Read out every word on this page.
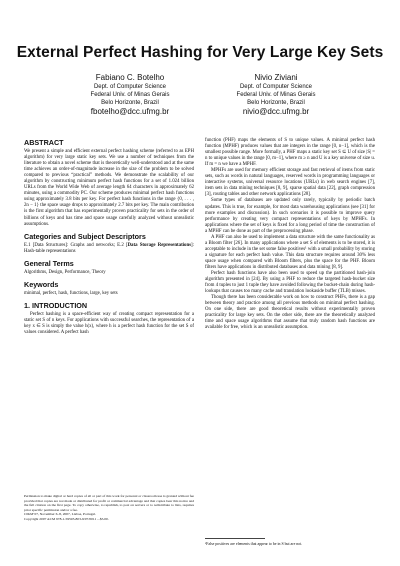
External Perfect Hashing for Very Large Key Sets
Fabiano C. Botelho
Dept. of Computer Science
Federal Univ. of Minas Gerais
Belo Horizonte, Brazil
fbotelho@dcc.ufmg.br
Nivio Ziviani
Dept. of Computer Science
Federal Univ. of Minas Gerais
Belo Horizonte, Brazil
nivio@dcc.ufmg.br
ABSTRACT

We present a simple and efficient external perfect hashing scheme (referred to as EPH algorithm) for very large static key sets. We use a number of techniques from the literature to obtain a novel scheme that is theoretically well-understood and at the same time achieves an order-of-magnitude increase in the size of the problem to be solved compared to previous “practical” methods. We demonstrate the scalability of our algorithm by constructing minimum perfect hash functions for a set of 1.024 billion URLs from the World Wide Web of average length 64 characters in approximately 62 minutes, using a commodity PC. Our scheme produces minimal perfect hash functions using approximately 3.8 bits per key. For perfect hash functions in the range {0, . . . , 2n − 1} the space usage drops to approximately 2.7 bits per key. The main contribution is the first algorithm that has experimentally proven practicality for sets in the order of billions of keys and has time and space usage carefully analyzed without unrealistic assumptions.

Categories and Subject Descriptors

E.1 [Data Structures]: Graphs and networks; E.2 [Data Storage Representations]: Hash-table representations

General Terms

Algorithms, Design, Performance, Theory

Keywords

minimal, perfect, hash, functions, large, key sets

1. INTRODUCTION

Perfect hashing is a space-efficient way of creating compact representation for a static set S of n keys. For applications with successful searches, the representation of a key x ∈ S is simply the value h(x), where h is a perfect hash function for the set S of values considered. A perfect hash

Permission to make digital or hard copies of all or part of this work for personal or classroom use is granted without fee provided that copies are not made or distributed for profit or commercial advantage and that copies bear this notice and the full citation on the first page. To copy otherwise, to republish, to post on servers or to redistribute to lists, requires prior specific permission and/or a fee.
CIKM’07, November 6–8, 2007, Lisboa, Portugal.
Copyright 2007 ACM 978-1-59593-803-9/07/0011 ...$5.00.

function (PHF) maps the elements of S to unique values. A minimal perfect hash function (MPHF) produces values that are integers in the range [0, n−1], which is the smallest possible range. More formally, a PHF maps a static key set S ⊆ U of size |S| = n to unique values in the range [0, m−1], where m ≥ n and U is a key universe of size u. If m = n we have a MPHF.

MPHFs are used for memory efficient storage and fast retrieval of items from static sets, such as words in natural languages, reserved words in programming languages or interactive systems, universal resource locations (URLs) in web search engines [7], item sets in data mining techniques [8, 9], sparse spatial data [22], graph compression [3], routing tables and other network applications [28].

Some types of databases are updated only rarely, typically by periodic batch updates. This is true, for example, for most data warehousing applications (see [31] for more examples and discussion). In such scenarios it is possible to improve query performance by creating very compact representations of keys by MPHFs. In applications where the set of keys is fixed for a long period of time the construction of a MPHF can be done as part of the preprocessing phase.

A PHF can also be used to implement a data structure with the same functionality as a Bloom filter [26]. In many applications where a set S of elements is to be stored, it is acceptable to include in the set some false positives¹ with a small probability by storing a signature for each perfect hash value. This data structure requires around 30% less space usage when compared with Bloom filters, plus the space for the PHF. Bloom filters have applications in distributed databases and data mining [8, 9].

Perfect hash functions have also been used to speed up the partitioned hash-join algorithm presented in [24]. By using a PHF to reduce the targeted hash-bucket size from 4 tuples to just 1 tuple they have avoided following the bucket-chain during hash-lookups that causes too many cache and translation lookaside buffer (TLB) misses.

Though there has been considerable work on how to construct PHFs, there is a gap between theory and practice among all previous methods on minimal perfect hashing. On one side, there are good theoretical results without experimentally proven practicality for large key sets. On the other side, there are the theoretically analyzed time and space usage algorithms that assume that truly random hash functions are available for free, which is an unrealistic assumption.

¹False positives are elements that appear to be in S but are not.
